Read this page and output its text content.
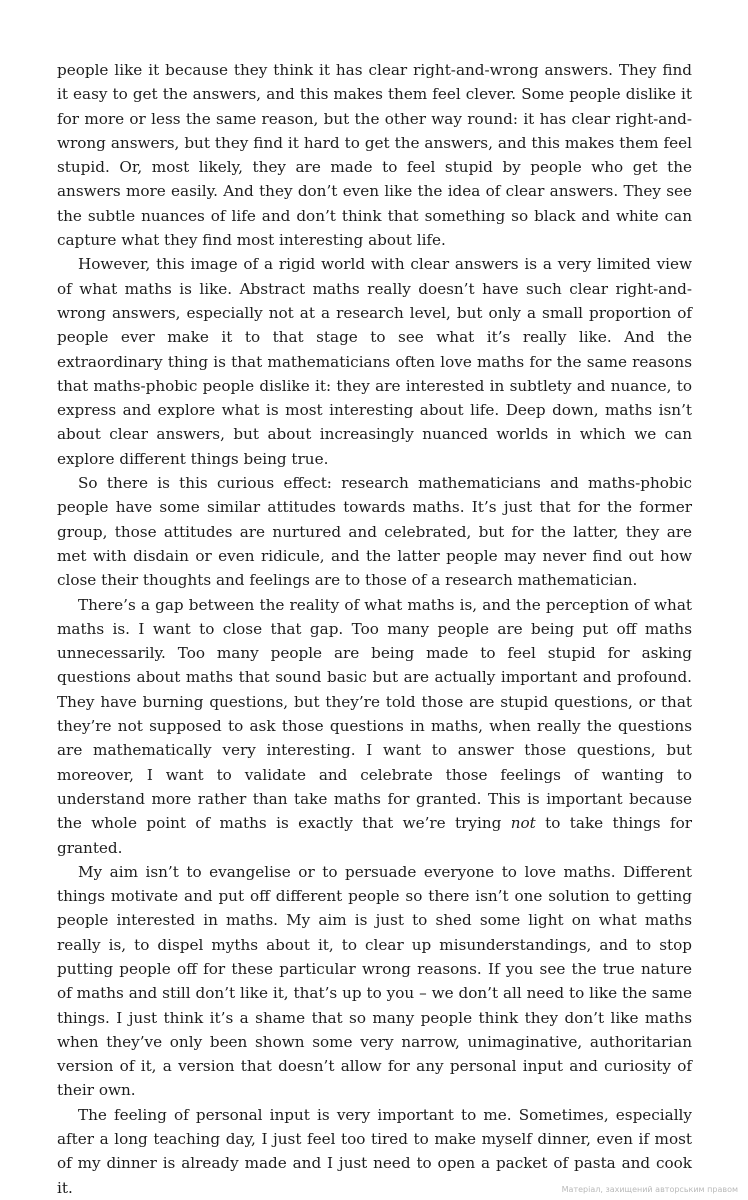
people like it because they think it has clear right-and-wrong answers. They find it easy to get the answers, and this makes them feel clever. Some people dislike it for more or less the same reason, but the other way round: it has clear right-and-wrong answers, but they find it hard to get the answers, and this makes them feel stupid. Or, most likely, they are made to feel stupid by people who get the answers more easily. And they don’t even like the idea of clear answers. They see the subtle nuances of life and don’t think that something so black and white can capture what they find most interesting about life.

However, this image of a rigid world with clear answers is a very limited view of what maths is like. Abstract maths really doesn’t have such clear right-and-wrong answers, especially not at a research level, but only a small proportion of people ever make it to that stage to see what it’s really like. And the extraordinary thing is that mathematicians often love maths for the same reasons that maths-phobic people dislike it: they are interested in subtlety and nuance, to express and explore what is most interesting about life. Deep down, maths isn’t about clear answers, but about increasingly nuanced worlds in which we can explore different things being true.

So there is this curious effect: research mathematicians and maths-phobic people have some similar attitudes towards maths. It’s just that for the former group, those attitudes are nurtured and celebrated, but for the latter, they are met with disdain or even ridicule, and the latter people may never find out how close their thoughts and feelings are to those of a research mathematician.

There’s a gap between the reality of what maths is, and the perception of what maths is. I want to close that gap. Too many people are being put off maths unnecessarily. Too many people are being made to feel stupid for asking questions about maths that sound basic but are actually important and profound. They have burning questions, but they’re told those are stupid questions, or that they’re not supposed to ask those questions in maths, when really the questions are mathematically very interesting. I want to answer those questions, but moreover, I want to validate and celebrate those feelings of wanting to understand more rather than take maths for granted. This is important because the whole point of maths is exactly that we’re trying not to take things for granted.

My aim isn’t to evangelise or to persuade everyone to love maths. Different things motivate and put off different people so there isn’t one solution to getting people interested in maths. My aim is just to shed some light on what maths really is, to dispel myths about it, to clear up misunderstandings, and to stop putting people off for these particular wrong reasons. If you see the true nature of maths and still don’t like it, that’s up to you – we don’t all need to like the same things. I just think it’s a shame that so many people think they don’t like maths when they’ve only been shown some very narrow, unimaginative, authoritarian version of it, a version that doesn’t allow for any personal input and curiosity of their own.

The feeling of personal input is very important to me. Sometimes, especially after a long teaching day, I just feel too tired to make myself dinner, even if most of my dinner is already made and I just need to open a packet of pasta and cook it.	Матеріал, захищений авторським правом
